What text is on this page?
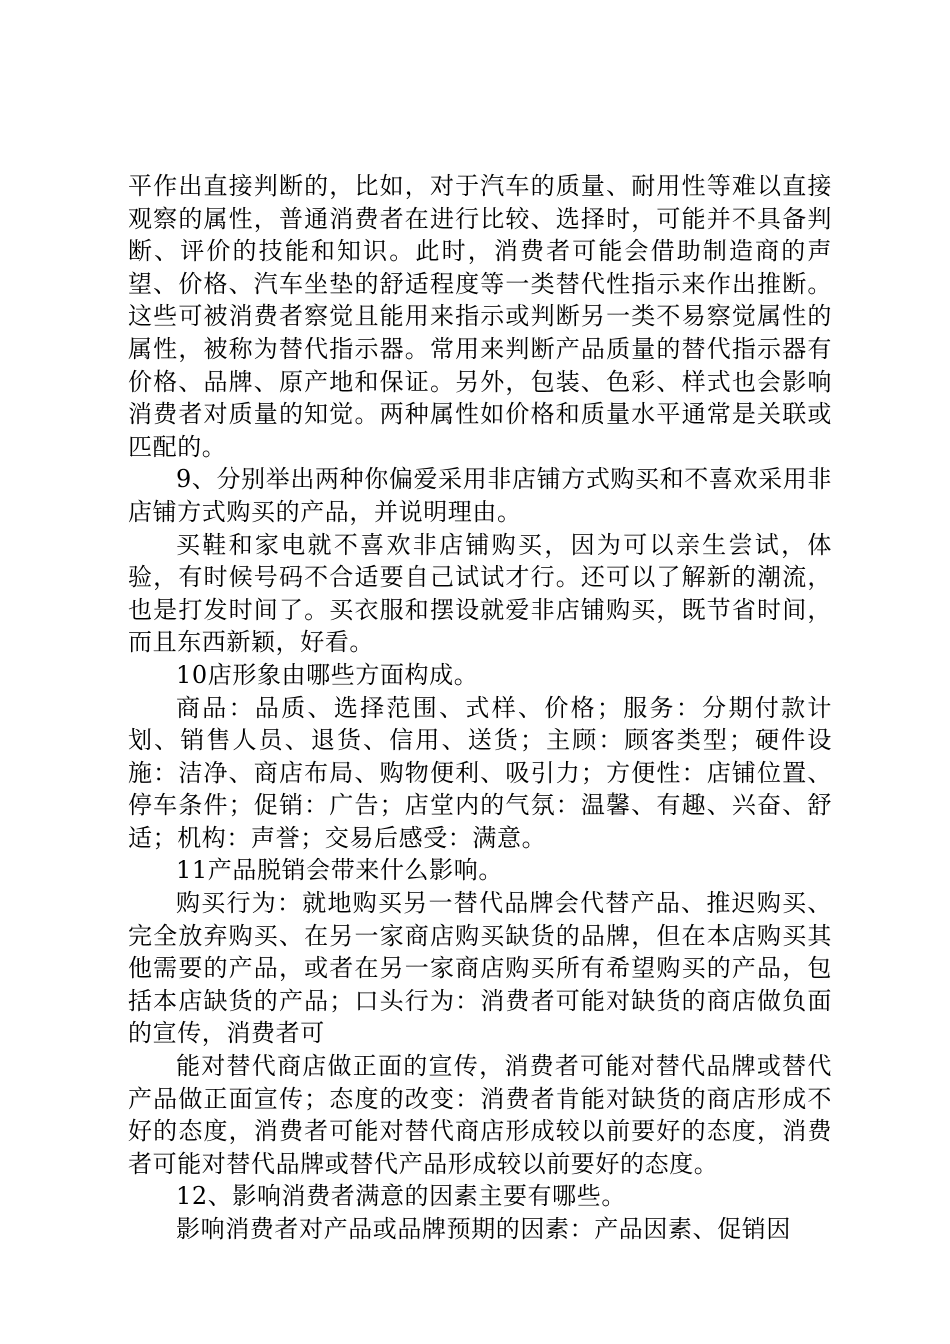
平作出直接判断的，比如，对于汽车的质量、耐用性等难以直接观察的属性，普通消费者在进行比较、选择时，可能并不具备判断、评价的技能和知识。此时，消费者可能会借助制造商的声望、价格、汽车坐垫的舒适程度等一类替代性指示来作出推断。这些可被消费者察觉且能用来指示或判断另一类不易察觉属性的属性，被称为替代指示器。常用来判断产品质量的替代指示器有价格、品牌、原产地和保证。另外，包装、色彩、样式也会影响消费者对质量的知觉。两种属性如价格和质量水平通常是关联或匹配的。

9、分别举出两种你偏爱采用非店铺方式购买和不喜欢采用非店铺方式购买的产品，并说明理由。

买鞋和家电就不喜欢非店铺购买，因为可以亲生尝试，体验，有时候号码不合适要自己试试才行。还可以了解新的潮流，也是打发时间了。买衣服和摆设就爱非店铺购买，既节省时间，而且东西新颖，好看。

10店形象由哪些方面构成。

商品：品质、选择范围、式样、价格；服务：分期付款计划、销售人员、退货、信用、送货；主顾：顾客类型；硬件设施：洁净、商店布局、购物便利、吸引力；方便性：店铺位置、停车条件；促销：广告；店堂内的气氛：温馨、有趣、兴奋、舒适；机构：声誉；交易后感受：满意。

11产品脱销会带来什么影响。

购买行为：就地购买另一替代品牌会代替产品、推迟购买、完全放弃购买、在另一家商店购买缺货的品牌，但在本店购买其他需要的产品，或者在另一家商店购买所有希望购买的产品，包括本店缺货的产品；口头行为：消费者可能对缺货的商店做负面的宣传，消费者可

能对替代商店做正面的宣传，消费者可能对替代品牌或替代产品做正面宣传；态度的改变：消费者肯能对缺货的商店形成不好的态度，消费者可能对替代商店形成较以前要好的态度，消费者可能对替代品牌或替代产品形成较以前要好的态度。

12、影响消费者满意的因素主要有哪些。

影响消费者对产品或品牌预期的因素：产品因素、促销因
